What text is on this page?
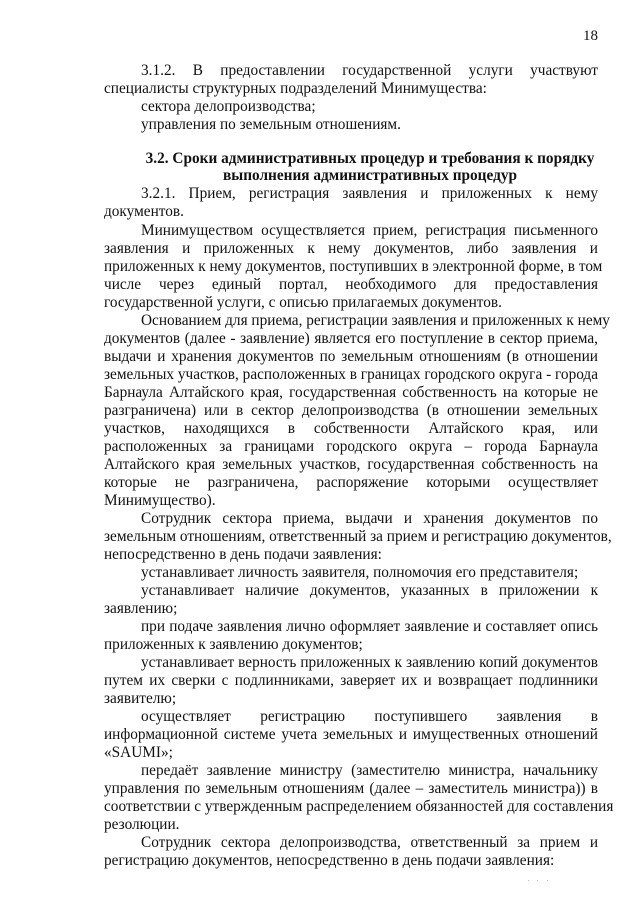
18
3.1.2. В предоставлении государственной услуги участвуют
специалисты структурных подразделений Минимущества:
сектора делопроизводства;
управления по земельным отношениям.
3.2. Сроки административных процедур и требования к порядку
выполнения административных процедур
3.2.1. Прием, регистрация заявления и приложенных к нему
документов.
Минимуществом осуществляется прием, регистрация письменного
заявления и приложенных к нему документов, либо заявления и
приложенных к нему документов, поступивших в электронной форме, в том
числе через единый портал, необходимого для предоставления
государственной услуги, с описью прилагаемых документов.
Основанием для приема, регистрации заявления и приложенных к нему
документов (далее - заявление) является его поступление в сектор приема,
выдачи и хранения документов по земельным отношениям (в отношении
земельных участков, расположенных в границах городского округа - города
Барнаула Алтайского края, государственная собственность на которые не
разграничена) или в сектор делопроизводства (в отношении земельных
участков, находящихся в собственности Алтайского края, или
расположенных за границами городского округа – города Барнаула
Алтайского края земельных участков, государственная собственность на
которые не разграничена, распоряжение которыми осуществляет
Минимущество).
Сотрудник сектора приема, выдачи и хранения документов по
земельным отношениям, ответственный за прием и регистрацию документов,
непосредственно в день подачи заявления:
устанавливает личность заявителя, полномочия его представителя;
устанавливает наличие документов, указанных в приложении к
заявлению;
при подаче заявления лично оформляет заявление и составляет опись
приложенных к заявлению документов;
устанавливает верность приложенных к заявлению копий документов
путем их сверки с подлинниками, заверяет их и возвращает подлинники
заявителю;
осуществляет регистрацию поступившего заявления в
информационной системе учета земельных и имущественных отношений
«SAUMI»;
передаёт заявление министру (заместителю министра, начальнику
управления по земельным отношениям (далее – заместитель министра)) в
соответствии с утвержденным распределением обязанностей для составления
резолюции.
Сотрудник сектора делопроизводства, ответственный за прием и
регистрацию документов, непосредственно в день подачи заявления:
